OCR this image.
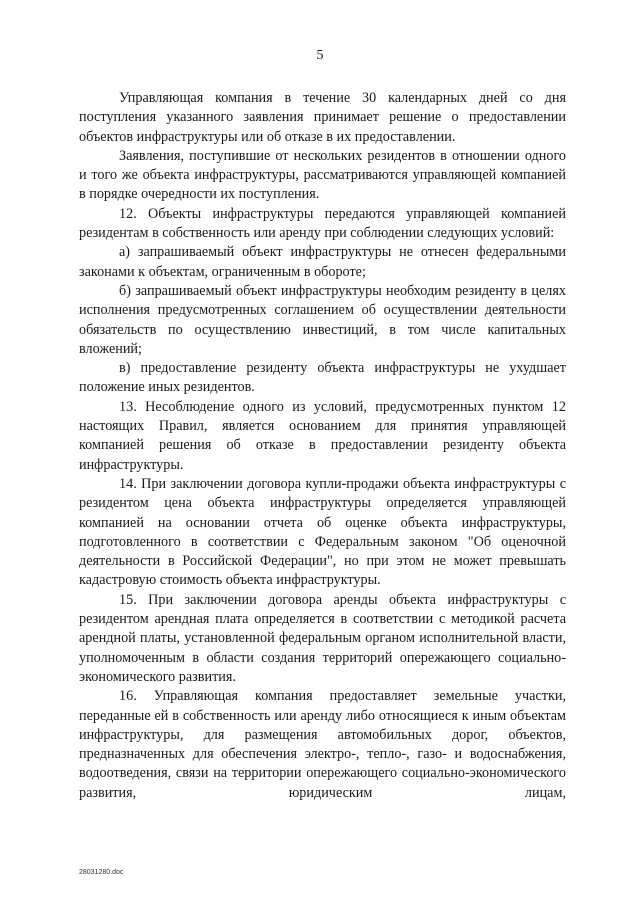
5

Управляющая компания в течение 30 календарных дней со дня поступления указанного заявления принимает решение о предоставлении объектов инфраструктуры или об отказе в их предоставлении.

Заявления, поступившие от нескольких резидентов в отношении одного и того же объекта инфраструктуры, рассматриваются управляющей компанией в порядке очередности их поступления.

12. Объекты инфраструктуры передаются управляющей компанией резидентам в собственность или аренду при соблюдении следующих условий:

а) запрашиваемый объект инфраструктуры не отнесен федеральными законами к объектам, ограниченным в обороте;

б) запрашиваемый объект инфраструктуры необходим резиденту в целях исполнения предусмотренных соглашением об осуществлении деятельности обязательств по осуществлению инвестиций, в том числе капитальных вложений;

в) предоставление резиденту объекта инфраструктуры не ухудшает положение иных резидентов.

13. Несоблюдение одного из условий, предусмотренных пунктом 12 настоящих Правил, является основанием для принятия управляющей компанией решения об отказе в предоставлении резиденту объекта инфраструктуры.

14. При заключении договора купли-продажи объекта инфраструктуры с резидентом цена объекта инфраструктуры определяется управляющей компанией на основании отчета об оценке объекта инфраструктуры, подготовленного в соответствии с Федеральным законом "Об оценочной деятельности в Российской Федерации", но при этом не может превышать кадастровую стоимость объекта инфраструктуры.

15. При заключении договора аренды объекта инфраструктуры с резидентом арендная плата определяется в соответствии с методикой расчета арендной платы, установленной федеральным органом исполнительной власти, уполномоченным в области создания территорий опережающего социально-экономического развития.

16. Управляющая компания предоставляет земельные участки, переданные ей в собственность или аренду либо относящиеся к иным объектам инфраструктуры, для размещения автомобильных дорог, объектов, предназначенных для обеспечения электро-, тепло-, газо- и водоснабжения, водоотведения, связи на территории опережающего социально-экономического развития, юридическим лицам,

28031280.doc
